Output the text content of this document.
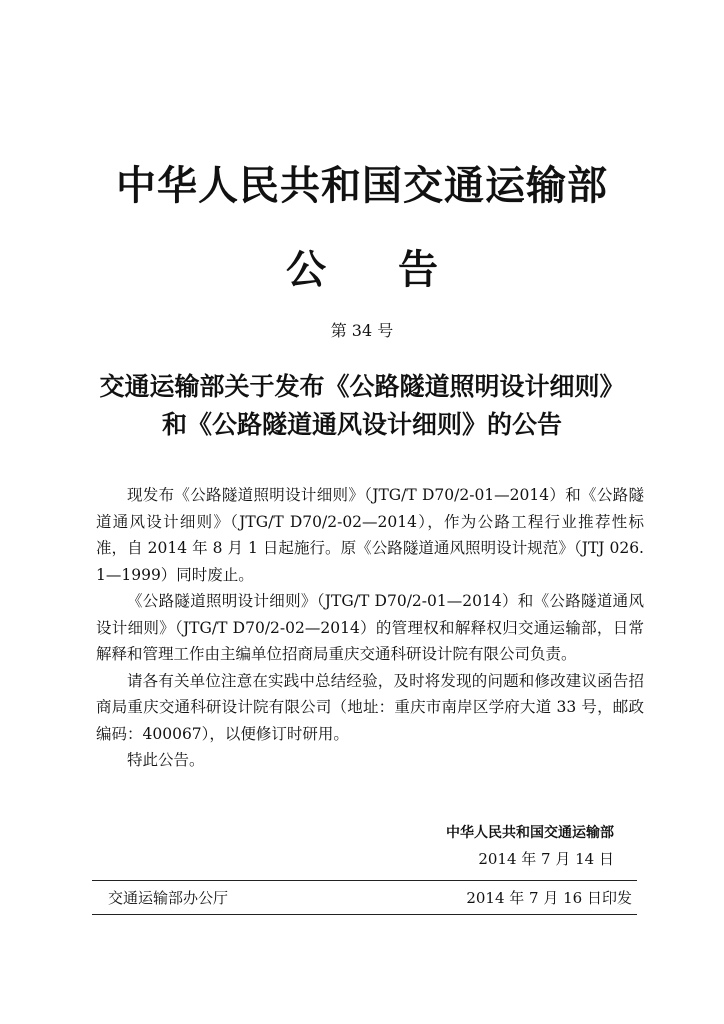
中华人民共和国交通运输部
公 告
第 34 号
交通运输部关于发布《公路隧道照明设计细则》
和《公路隧道通风设计细则》的公告

现发布《公路隧道照明设计细则》（JTG/T D70/2-01—2014）和《公路隧道通风设计细则》（JTG/T D70/2-02—2014），作为公路工程行业推荐性标准，自 2014 年 8 月 1 日起施行。原《公路隧道通风照明设计规范》（JTJ 026. 1—1999）同时废止。

《公路隧道照明设计细则》（JTG/T D70/2-01—2014）和《公路隧道通风设计细则》（JTG/T D70/2-02—2014）的管理权和解释权归交通运输部，日常解释和管理工作由主编单位招商局重庆交通科研设计院有限公司负责。

请各有关单位注意在实践中总结经验，及时将发现的问题和修改建议函告招商局重庆交通科研设计院有限公司（地址：重庆市南岸区学府大道 33 号，邮政编码：400067），以便修订时研用。

特此公告。

中华人民共和国交通运输部
2014 年 7 月 14 日
交通运输部办公厅	2014 年 7 月 16 日印发
